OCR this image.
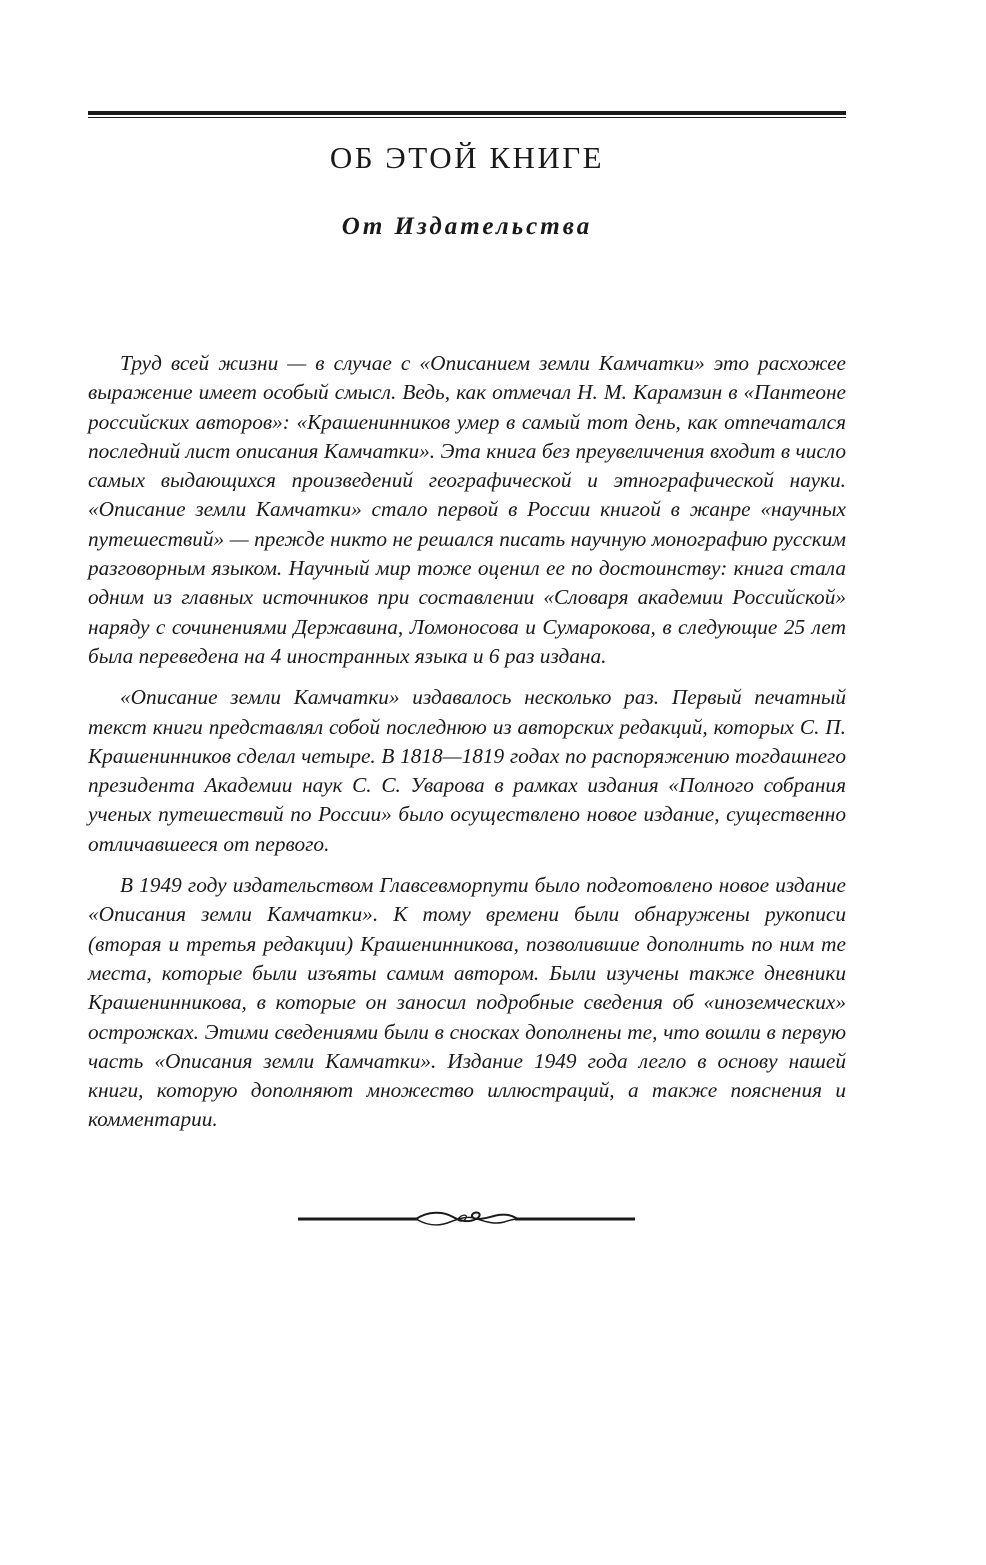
ОБ ЭТОЙ КНИГЕ
От Издательства

Труд всей жизни — в случае с «Описанием земли Камчатки» это расхожее выражение имеет особый смысл. Ведь, как отмечал Н. М. Карамзин в «Пантеоне российских авторов»: «Крашенинников умер в самый тот день, как отпечатался последний лист описания Камчатки». Эта книга без преувеличения входит в число самых выдающихся произведений географической и этнографической науки. «Описание земли Камчатки» стало первой в России книгой в жанре «научных путешествий» — прежде никто не решался писать научную монографию русским разговорным языком. Научный мир тоже оценил ее по достоинству: книга стала одним из главных источников при составлении «Словаря академии Российской» наряду с сочинениями Державина, Ломоносова и Сумарокова, в следующие 25 лет была переведена на 4 иностранных языка и 6 раз издана.

«Описание земли Камчатки» издавалось несколько раз. Первый печатный текст книги представлял собой последнюю из авторских редакций, которых С. П. Крашенинников сделал четыре. В 1818—1819 годах по распоряжению тогдашнего президента Академии наук С. С. Уварова в рамках издания «Полного собрания ученых путешествий по России» было осуществлено новое издание, существенно отличавшееся от первого.

В 1949 году издательством Главсевморпути было подготовлено новое издание «Описания земли Камчатки». К тому времени были обнаружены рукописи (вторая и третья редакции) Крашенинникова, позволившие дополнить по ним те места, которые были изъяты самим автором. Были изучены также дневники Крашенинникова, в которые он заносил подробные сведения об «иноземческих» острожках. Этими сведениями были в сносках дополнены те, что вошли в первую часть «Описания земли Камчатки». Издание 1949 года легло в основу нашей книги, которую дополняют множество иллюстраций, а также пояснения и комментарии.
